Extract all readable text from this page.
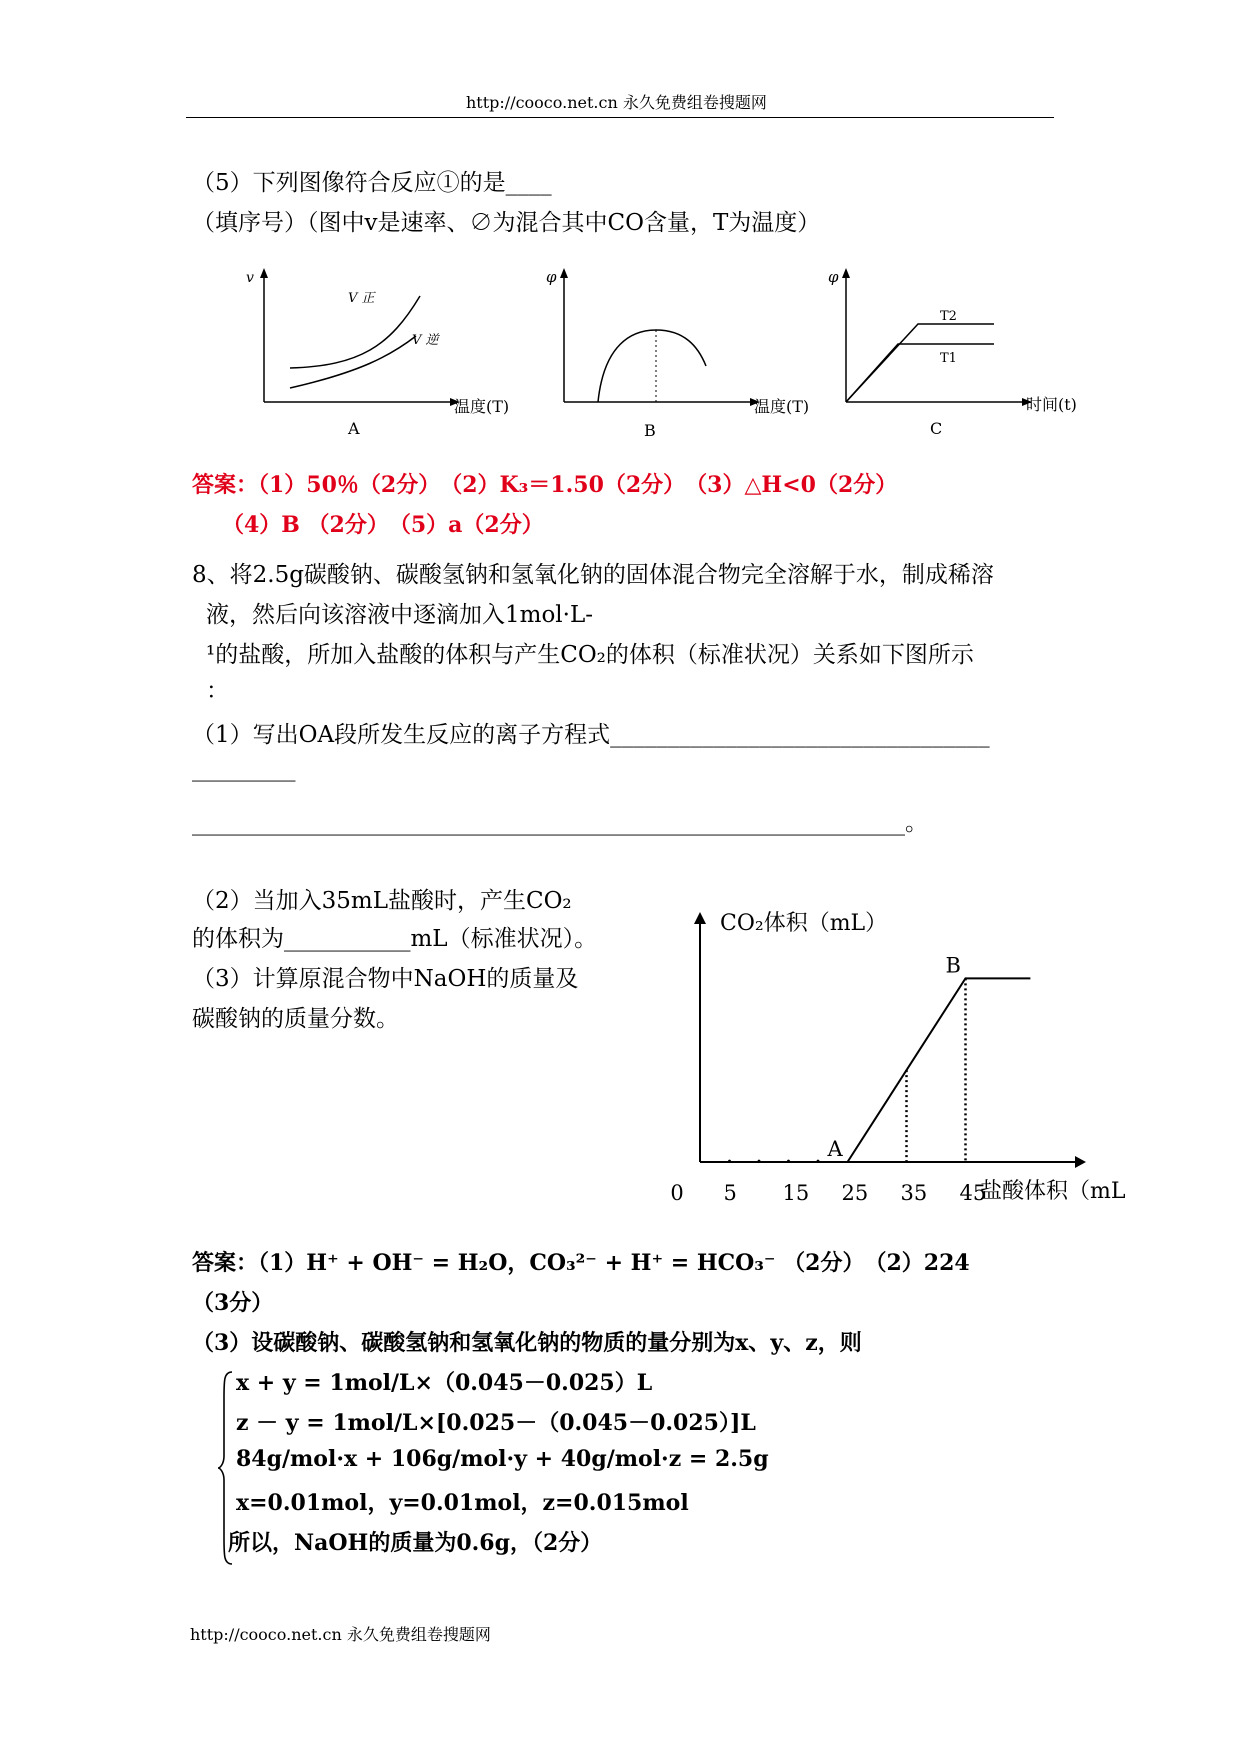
http://cooco.net.cn 永久免费组卷搜题网
（5）下列图像符合反应①的是____
（填序号）（图中v是速率、∅为混合其中CO含量，T为温度）
v
V 正
V 逆
温度(T)
A
φ
温度(T)
B
φ
T2
T1
时间(t)
C
答案：（1）50％（2分）　（2）K₃＝1.50（2分）　（3）△H<0（2分）
（4）B （2分）　（5）a（2分）
8、将2.5g碳酸钠、碳酸氢钠和氢氧化钠的固体混合物完全溶解于水，制成稀溶
液，然后向该溶液中逐滴加入1mol·L-
¹的盐酸，所加入盐酸的体积与产生CO₂的体积（标准状况）关系如下图所示
：
（1）写出OA段所发生反应的离子方程式_________________________________
_________
______________________________________________________________。
（2）当加入35mL盐酸时，产生CO₂
的体积为___________mL（标准状况）。
（3）计算原混合物中NaOH的质量及
碳酸钠的质量分数。
0 5 15 25 35 45
A
B
CO₂体积（mL）
盐酸体积（mL
答案：（1）H⁺ + OH⁻ = H₂O，CO₃²⁻ + H⁺ = HCO₃⁻ （2分）　（2）224
（3分）
（3）设碳酸钠、碳酸氢钠和氢氧化钠的物质的量分别为x、y、z，则
x + y = 1mol/L×（0.045－0.025）L
z － y = 1mol/L×[0.025－（0.045－0.025）]L
84g/mol·x + 106g/mol·y + 40g/mol·z = 2.5g
x=0.01mol，y=0.01mol，z=0.015mol
所以，NaOH的质量为0.6g，（2分）
http://cooco.net.cn 永久免费组卷搜题网
